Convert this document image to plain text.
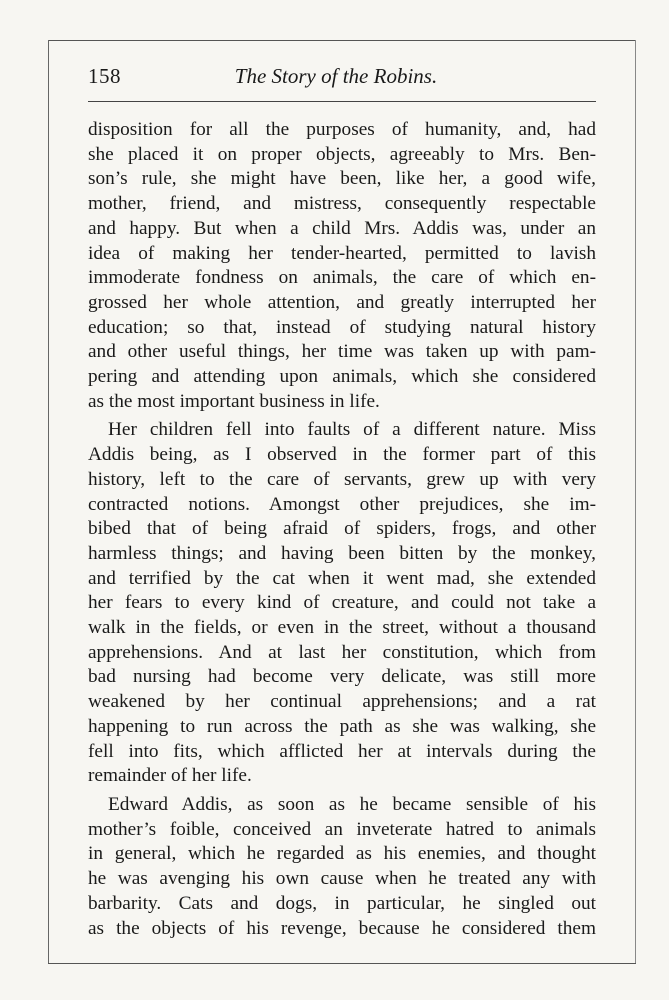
158	The Story of the Robins.
disposition for all the purposes of humanity, and, had
she placed it on proper objects, agreeably to Mrs. Ben-
son’s rule, she might have been, like her, a good wife,
mother, friend, and mistress, consequently respectable
and happy. But when a child Mrs. Addis was, under an
idea of making her tender-hearted, permitted to lavish
immoderate fondness on animals, the care of which en-
grossed her whole attention, and greatly interrupted her
education; so that, instead of studying natural history
and other useful things, her time was taken up with pam-
pering and attending upon animals, which she considered
as the most important business in life.
Her children fell into faults of a different nature. Miss
Addis being, as I observed in the former part of this
history, left to the care of servants, grew up with very
contracted notions. Amongst other prejudices, she im-
bibed that of being afraid of spiders, frogs, and other
harmless things; and having been bitten by the monkey,
and terrified by the cat when it went mad, she extended
her fears to every kind of creature, and could not take a
walk in the fields, or even in the street, without a thousand
apprehensions. And at last her constitution, which from
bad nursing had become very delicate, was still more
weakened by her continual apprehensions; and a rat
happening to run across the path as she was walking, she
fell into fits, which afflicted her at intervals during the
remainder of her life.
Edward Addis, as soon as he became sensible of his
mother’s foible, conceived an inveterate hatred to animals
in general, which he regarded as his enemies, and thought
he was avenging his own cause when he treated any with
barbarity. Cats and dogs, in particular, he singled out
as the objects of his revenge, because he considered them
